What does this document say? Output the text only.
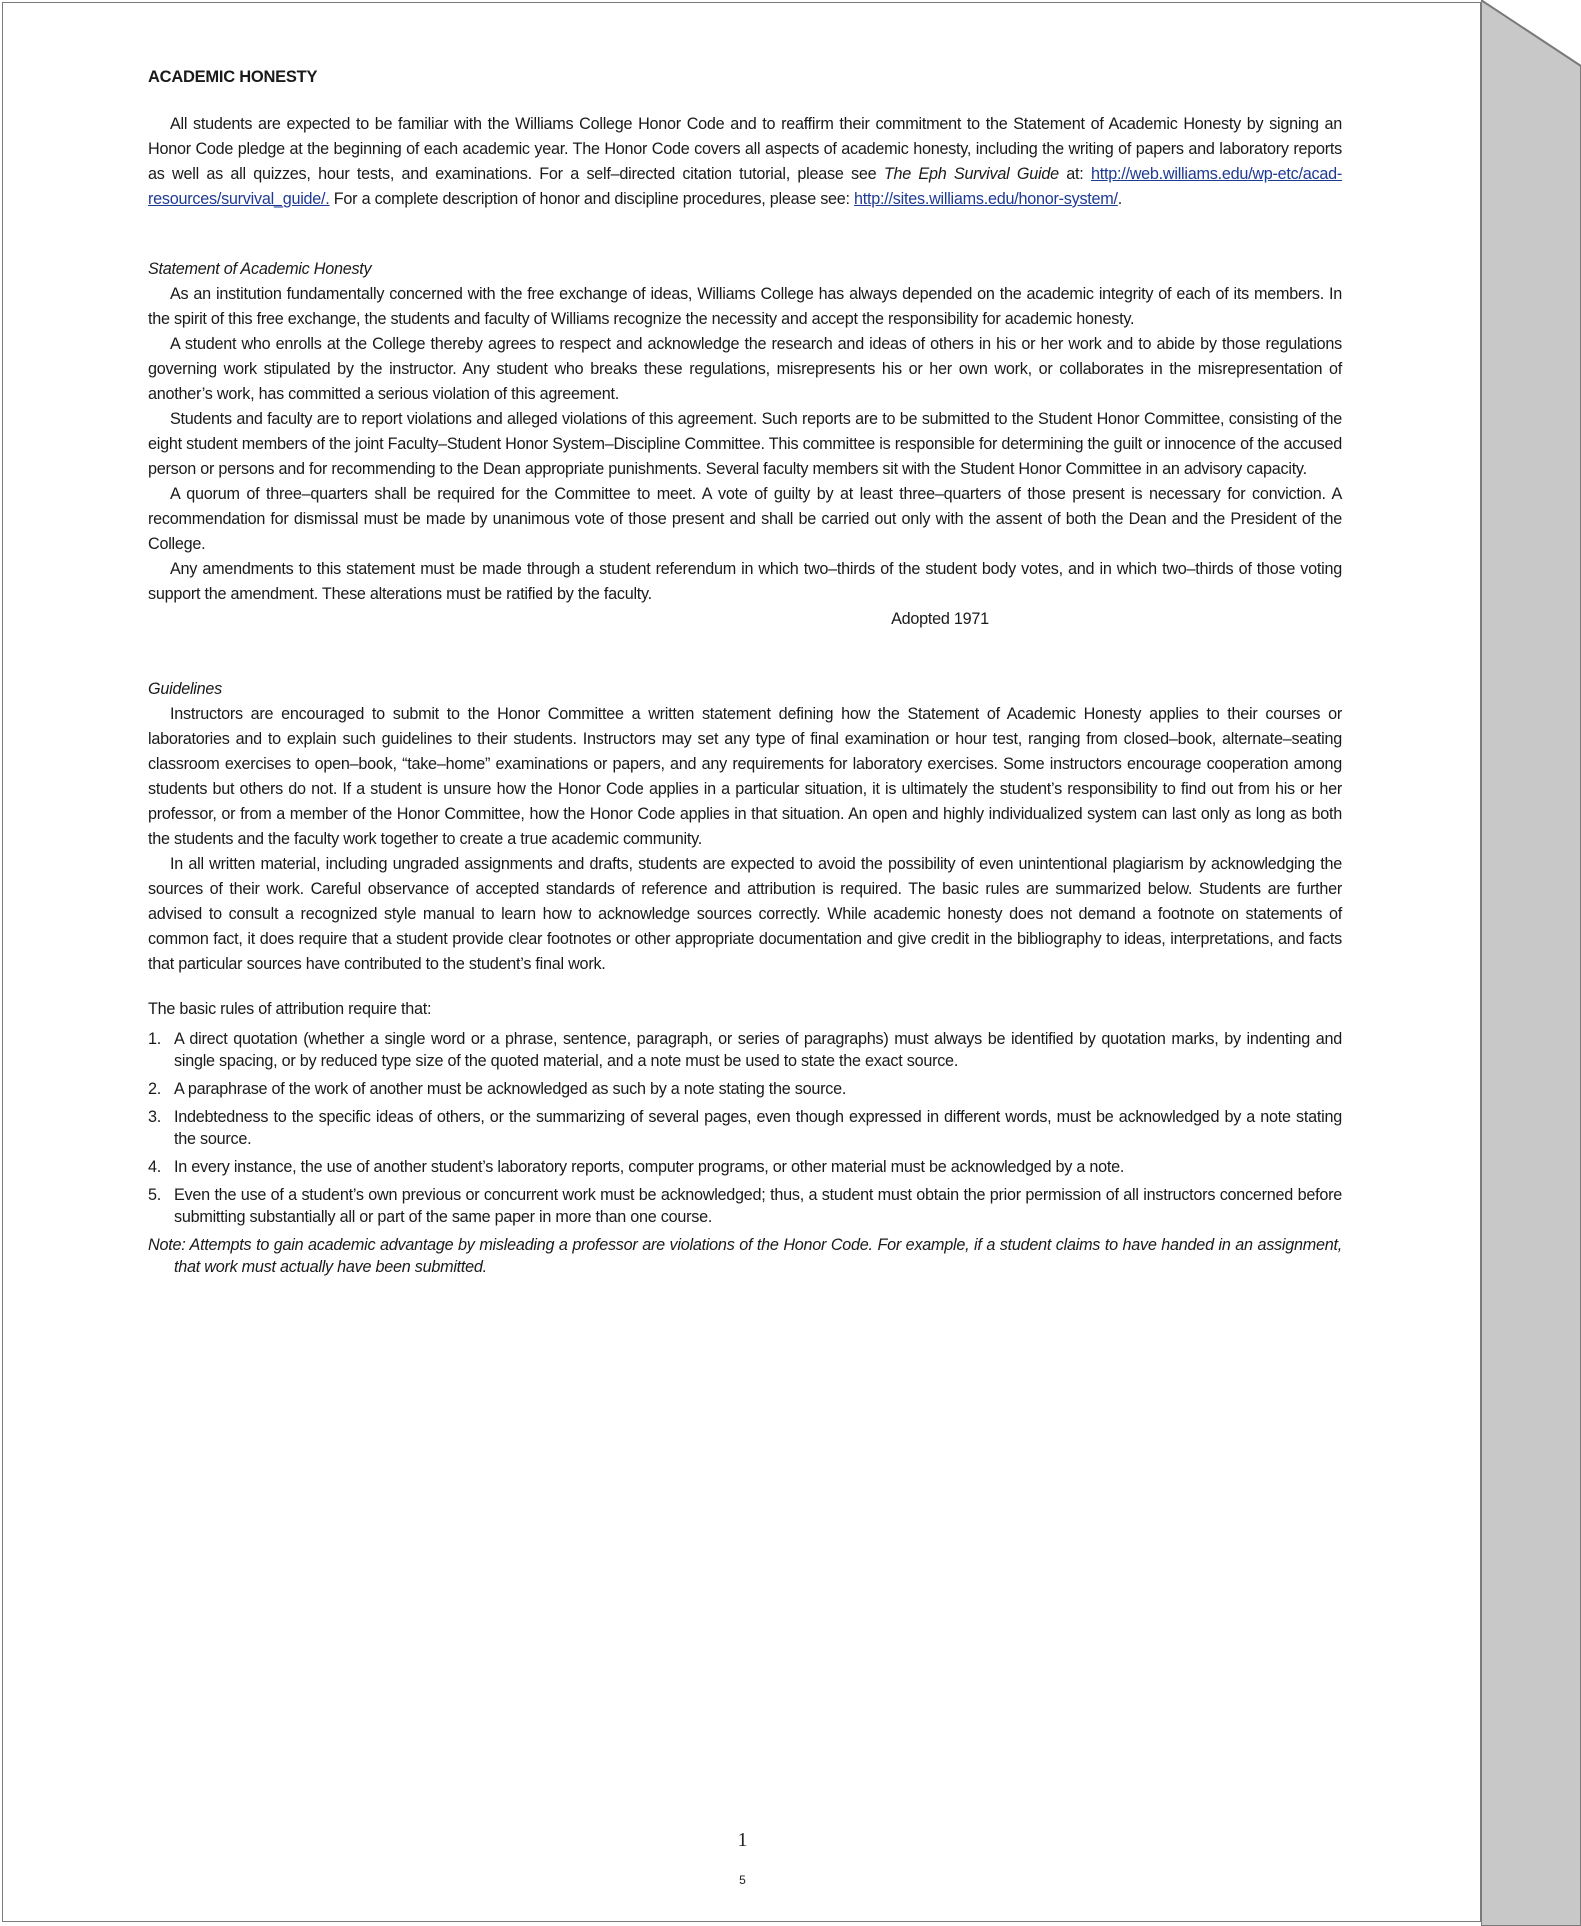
ACADEMIC HONESTY

All students are expected to be familiar with the Williams College Honor Code and to reaffirm their commitment to the Statement of Academic Honesty by signing an Honor Code pledge at the beginning of each academic year. The Honor Code covers all aspects of academic honesty, including the writing of papers and laboratory reports as well as all quizzes, hour tests, and examinations. For a self–directed citation tutorial, please see The Eph Survival Guide at: http://web.williams.edu/wp-etc/acad-resources/survival_guide/. For a complete description of honor and discipline procedures, please see: http://sites.williams.edu/honor-system/.

Statement of Academic Honesty

As an institution fundamentally concerned with the free exchange of ideas, Williams College has always depended on the academic integrity of each of its members. In the spirit of this free exchange, the students and faculty of Williams recognize the necessity and accept the responsibility for academic honesty.

A student who enrolls at the College thereby agrees to respect and acknowledge the research and ideas of others in his or her work and to abide by those regulations governing work stipulated by the instructor. Any student who breaks these regulations, misrepresents his or her own work, or collaborates in the misrepresentation of another’s work, has committed a serious violation of this agreement.

Students and faculty are to report violations and alleged violations of this agreement. Such reports are to be submitted to the Student Honor Committee, consisting of the eight student members of the joint Faculty–Student Honor System–Discipline Committee. This committee is responsible for determining the guilt or innocence of the accused person or persons and for recommending to the Dean appropriate punishments. Several faculty members sit with the Student Honor Committee in an advisory capacity.

A quorum of three–quarters shall be required for the Committee to meet. A vote of guilty by at least three–quarters of those present is necessary for conviction. A recommendation for dismissal must be made by unanimous vote of those present and shall be carried out only with the assent of both the Dean and the President of the College.

Any amendments to this statement must be made through a student referendum in which two–thirds of the student body votes, and in which two–thirds of those voting support the amendment. These alterations must be ratified by the faculty.

Adopted 1971
Guidelines

Instructors are encouraged to submit to the Honor Committee a written statement defining how the Statement of Academic Honesty applies to their courses or laboratories and to explain such guidelines to their students. Instructors may set any type of final examination or hour test, ranging from closed–book, alternate–seating classroom exercises to open–book, “take–home” examinations or papers, and any requirements for laboratory exercises. Some instructors encourage cooperation among students but others do not. If a student is unsure how the Honor Code applies in a particular situation, it is ultimately the student’s responsibility to find out from his or her professor, or from a member of the Honor Committee, how the Honor Code applies in that situation. An open and highly individualized system can last only as long as both the students and the faculty work together to create a true academic community.

In all written material, including ungraded assignments and drafts, students are expected to avoid the possibility of even unintentional plagiarism by acknowledging the sources of their work. Careful observance of accepted standards of reference and attribution is required. The basic rules are summarized below. Students are further advised to consult a recognized style manual to learn how to acknowledge sources correctly. While academic honesty does not demand a footnote on statements of common fact, it does require that a student provide clear footnotes or other appropriate documentation and give credit in the bibliography to ideas, interpretations, and facts that particular sources have contributed to the student’s final work.

The basic rules of attribution require that:

1. A direct quotation (whether a single word or a phrase, sentence, paragraph, or series of paragraphs) must always be identified by quotation marks, by indenting and single spacing, or by reduced type size of the quoted material, and a note must be used to state the exact source.
2. A paraphrase of the work of another must be acknowledged as such by a note stating the source.
3. Indebtedness to the specific ideas of others, or the summarizing of several pages, even though expressed in different words, must be acknowledged by a note stating the source.
4. In every instance, the use of another student’s laboratory reports, computer programs, or other material must be acknowledged by a note.
5. Even the use of a student’s own previous or concurrent work must be acknowledged; thus, a student must obtain the prior permission of all instructors concerned before submitting substantially all or part of the same paper in more than one course.
Note: Attempts to gain academic advantage by misleading a professor are violations of the Honor Code. For example, if a student claims to have handed in an assignment, that work must actually have been submitted.
1
5
